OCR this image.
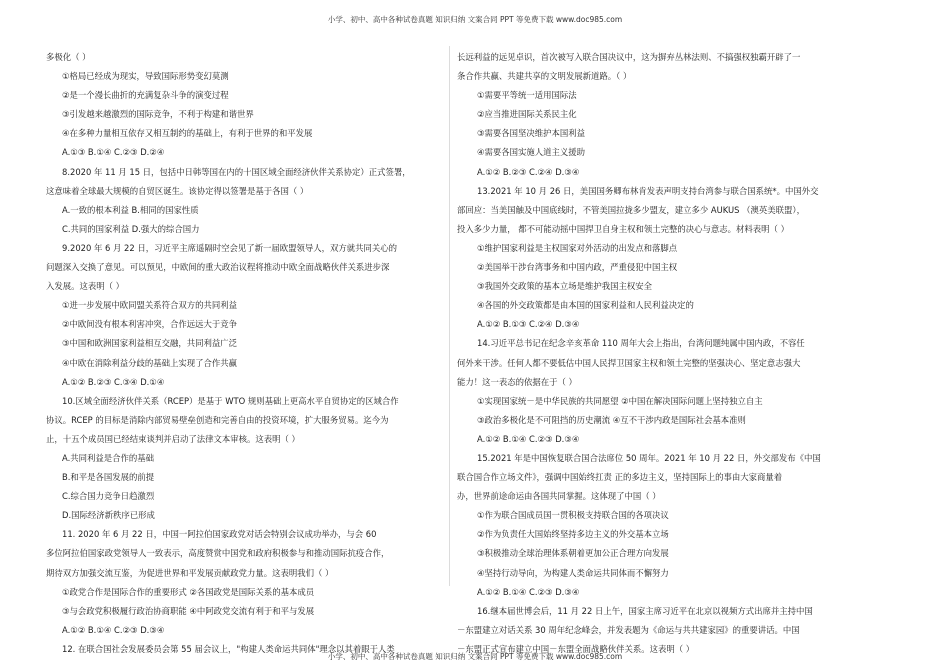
小学、初中、高中各种试卷真题 知识归纳 文案合同 PPT 等免费下载 www.doc985.com

多极化（ ）

①格局已经成为现实，导致国际形势变幻莫测

②是一个漫长曲折的充满复杂斗争的演变过程

③引发越来越激烈的国际竞争，不利于构建和谐世界

④在多种力量相互依存又相互制约的基础上，有利于世界的和平发展

A.①③ B.①④ C.②③ D.②④

8.2020 年 11 月 15 日，包括中日韩等国在内的十国区域全面经济伙伴关系协定）正式签署，

这意味着全球最大规模的自贸区诞生。该协定得以签署是基于各国（ ）

A.一致的根本利益 B.相同的国家性质

C.共同的国家利益 D.强大的综合国力

9.2020 年 6 月 22 日，习近平主席遥隔时空会见了新一届欧盟领导人，双方就共同关心的

问题深入交换了意见。可以预见，中欧间的重大政治议程将推动中欧全面战略伙伴关系进步深

入发展。这表明（ ）

①进一步发展中欧同盟关系符合双方的共同利益

②中欧间没有根本利害冲突，合作远远大于竞争

③中国和欧洲国家利益相互交融，共同利益广泛

④中欧在消除利益分歧的基础上实现了合作共赢

A.①② B.②③ C.③④ D.①④

10.区域全面经济伙伴关系（RCEP）是基于 WTO 规则基础上更高水平自贸协定的区域合作

协议。RCEP 的目标是消除内部贸易壁垒创造和完善自由的投资环境，扩大服务贸易。迄今为

止，十五个成员国已经结束谈判并启动了法律文本审核。这表明（ ）

A.共同利益是合作的基础

B.和平是各国发展的前提

C.综合国力竞争日趋激烈

D.国际经济新秩序已形成

11. 2020 年 6 月 22 日，中国一阿拉伯国家政党对话会特别会议成功举办，与会 60

多位阿拉伯国家政党领导人一致表示，高度赞赏中国党和政府积极参与和推动国际抗疫合作，

期待双方加强交流互鉴，为促进世界和平发展贡献政党力量。这表明我们（ ）

①政党合作是国际合作的重要形式 ②各国政党是国际关系的基本成员

③与会政党积极履行政治协商职能 ④中阿政党交流有利于和平与发展

A.①② B.①④ C.②③ D.③④

12. 在联合国社会发展委员会第 55 届会议上，"构建人类命运共同体"理念以其着眼于人类

长远利益的远见卓识，首次被写入联合国决议中，这为摒弃丛林法则、不搞强权独霸开辟了一

条合作共赢、共建共享的文明发展新道路。（ ）

①需要平等统一适用国际法

②应当推进国际关系民主化

③需要各国坚决维护本国利益

④需要各国实施人道主义援助

A.①② B.②③ C.②④ D.③④

13.2021 年 10 月 26 日，美国国务卿布林肯发表声明支持台湾参与联合国系统*。中国外交

部回应：当美国触及中国底线时，不管美国拉拢多少盟友，建立多少 AUKUS （澳英美联盟），

投入多少力量， 都不可能动摇中国捍卫自身主权和领土完整的决心与意志。材料表明（ ）

①维护国家利益是主权国家对外活动的出发点和落脚点

②美国举干涉台湾事务和中国内政，严重侵犯中国主权

③我国外交政策的基本立场是维护我国主权安全

④各国的外交政策都是由本国的国家利益和人民利益决定的

A.①② B.①③ C.②④ D.③④

14.习近平总书记在纪念辛亥革命 110 周年大会上指出，台湾问题纯属中国内政，不容任

何外来干涉。任何人都不要低估中国人民捍卫国家主权和领土完整的坚强决心、坚定意志强大

能力！这一表态的依据在于（ ）

①实现国家统－是中华民族的共同愿望 ②中国在解决国际问题上坚持独立自主

③政治多极化是不可阻挡的历史潮流 ④互不干涉内政是国际社会基本准则

A.①② B.①④ C.②③ D.③④

15.2021 年是中国恢复联合国合法席位 50 周年。2021 年 10 月 22 日，外交部发布《中国

联合国合作立场文件》，强调中国始终扛责 正的多边主义，坚持国际上的事由大家商量着

办，世界前途命运由各国共同掌握。这体现了中国（ ）

①作为联合国成员国一贯积极支持联合国的各项决议

②作为负责任大国始终坚持多边主义的外交基本立场

③积极推动全球治理体系朝着更加公正合理方向发展

④坚持行动导向，为构建人类命运共同体而不懈努力

A.①② B.①④ C.②③ D.③④

16.继本届世博会后，11 月 22 日上午，国家主席习近平在北京以视频方式出席并主持中国

－东盟建立对话关系 30 周年纪念峰会，并发表题为《命运与共共建家园》的重要讲话。中国

－东盟正式宣布建立中国－东盟全面战略伙伴关系。这表明（ ）

小学、初中、高中各种试卷真题 知识归纳 文案合同 PPT 等免费下载 www.doc985.com
